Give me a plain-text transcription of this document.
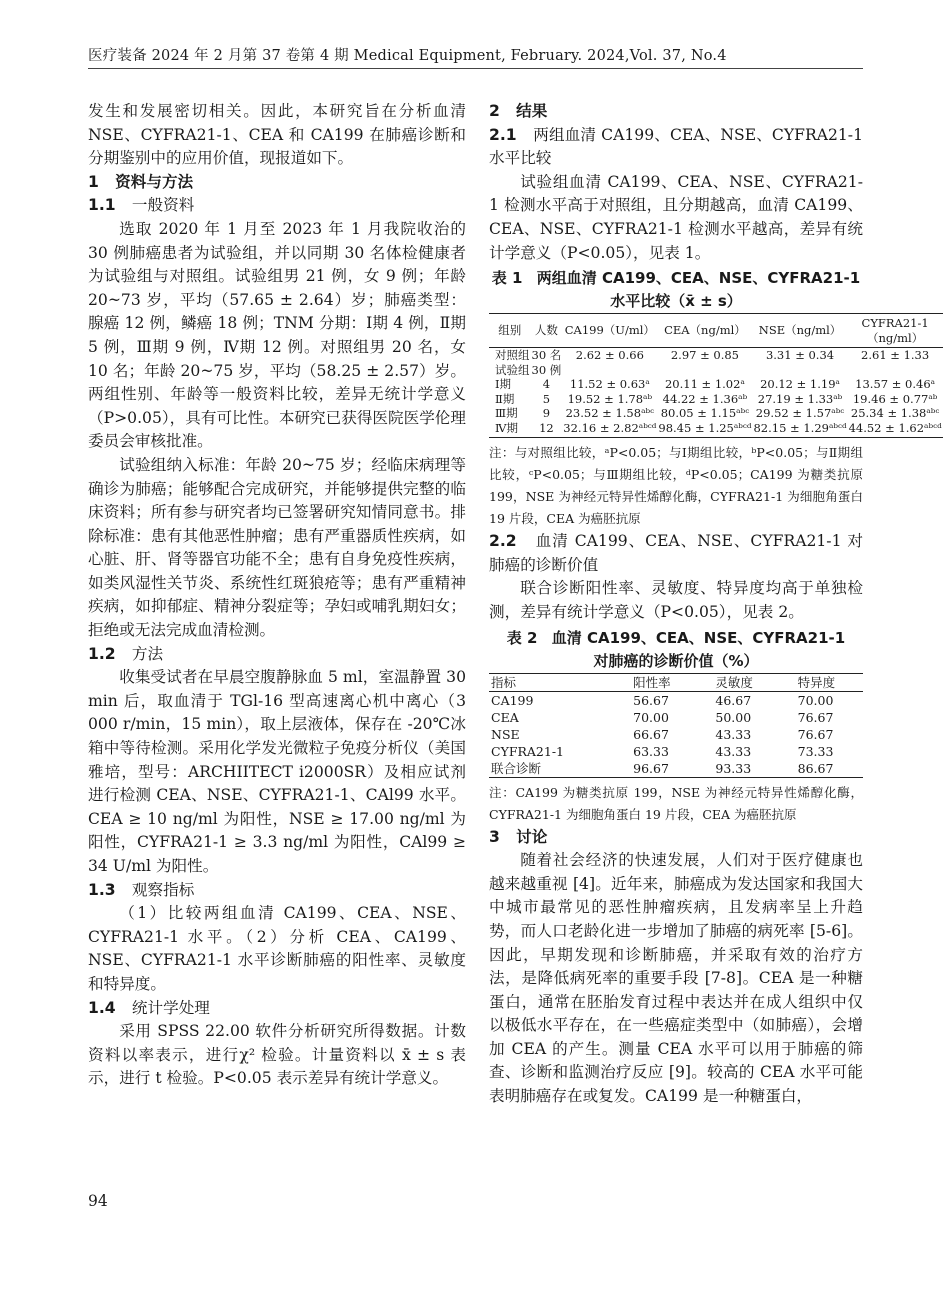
医疗装备 2024 年 2 月第 37 卷第 4 期 Medical Equipment, February. 2024,Vol. 37, No.4

发生和发展密切相关。因此，本研究旨在分析血清 NSE、CYFRA21-1、CEA 和 CA199 在肺癌诊断和分期鉴别中的应用价值，现报道如下。

1 资料与方法
1.1 一般资料

选取 2020 年 1 月至 2023 年 1 月我院收治的 30 例肺癌患者为试验组，并以同期 30 名体检健康者为试验组与对照组。试验组男 21 例，女 9 例；年龄 20~73 岁，平均（57.65 ± 2.64）岁；肺癌类型：腺癌 12 例，鳞癌 18 例；TNM 分期：Ⅰ期 4 例，Ⅱ期 5 例，Ⅲ期 9 例，Ⅳ期 12 例。对照组男 20 名，女 10 名；年龄 20~75 岁，平均（58.25 ± 2.57）岁。两组性别、年龄等一般资料比较，差异无统计学意义（P>0.05），具有可比性。本研究已获得医院医学伦理委员会审核批准。

试验组纳入标准：年龄 20~75 岁；经临床病理等确诊为肺癌；能够配合完成研究，并能够提供完整的临床资料；所有参与研究者均已签署研究知情同意书。排除标准：患有其他恶性肿瘤；患有严重器质性疾病，如心脏、肝、肾等器官功能不全；患有自身免疫性疾病，如类风湿性关节炎、系统性红斑狼疮等；患有严重精神疾病，如抑郁症、精神分裂症等；孕妇或哺乳期妇女；拒绝或无法完成血清检测。

1.2 方法

收集受试者在早晨空腹静脉血 5 ml，室温静置 30 min 后，取血清于 TGl-16 型高速离心机中离心（3 000 r/min，15 min），取上层液体，保存在 -20℃冰箱中等待检测。采用化学发光微粒子免疫分析仪（美国雅培，型号：ARCHIITECT i2000SR）及相应试剂进行检测 CEA、NSE、CYFRA21-1、CAl99 水平。CEA ≥ 10 ng/ml 为阳性，NSE ≥ 17.00 ng/ml 为阳性，CYFRA21-1 ≥ 3.3 ng/ml 为阳性，CAl99 ≥ 34 U/ml 为阳性。

1.3 观察指标

（1）比较两组血清 CA199、CEA、NSE、CYFRA21-1 水平。（2）分析 CEA、CA199、NSE、CYFRA21-1 水平诊断肺癌的阳性率、灵敏度和特异度。

1.4 统计学处理

采用 SPSS 22.00 软件分析研究所得数据。计数资料以率表示，进行χ² 检验。计量资料以 x̄ ± s 表示，进行 t 检验。P<0.05 表示差异有统计学意义。

2 结果
2.1 两组血清 CA199、CEA、NSE、CYFRA21-1 水平比较

试验组血清 CA199、CEA、NSE、CYFRA21-1 检测水平高于对照组，且分期越高，血清 CA199、CEA、NSE、CYFRA21-1 检测水平越高，差异有统计学意义（P<0.05），见表 1。

表 1 两组血清 CA199、CEA、NSE、CYFRA21-1
水平比较（x̄ ± s）
组别	人数	CA199（U/ml）	CEA（ng/ml）	NSE（ng/ml）	CYFRA21-1（ng/ml）
对照组	30 名	2.62 ± 0.66	2.97 ± 0.85	3.31 ± 0.34	2.61 ± 1.33
试验组	30 例				
Ⅰ期	4	11.52 ± 0.63ᵃ	20.11 ± 1.02ᵃ	20.12 ± 1.19ᵃ	13.57 ± 0.46ᵃ
Ⅱ期	5	19.52 ± 1.78ᵃᵇ	44.22 ± 1.36ᵃᵇ	27.19 ± 1.33ᵃᵇ	19.46 ± 0.77ᵃᵇ
Ⅲ期	9	23.52 ± 1.58ᵃᵇᶜ	80.05 ± 1.15ᵃᵇᶜ	29.52 ± 1.57ᵃᵇᶜ	25.34 ± 1.38ᵃᵇᶜ
Ⅳ期	12	32.16 ± 2.82ᵃᵇᶜᵈ	98.45 ± 1.25ᵃᵇᶜᵈ	82.15 ± 1.29ᵃᵇᶜᵈ	44.52 ± 1.62ᵃᵇᶜᵈ

注：与对照组比较，ᵃP<0.05；与Ⅰ期组比较，ᵇP<0.05；与Ⅱ期组比较，ᶜP<0.05；与Ⅲ期组比较，ᵈP<0.05；CA199 为糖类抗原 199，NSE 为神经元特异性烯醇化酶，CYFRA21-1 为细胞角蛋白 19 片段，CEA 为癌胚抗原

2.2 血清 CA199、CEA、NSE、CYFRA21-1 对肺癌的诊断价值

联合诊断阳性率、灵敏度、特异度均高于单独检测，差异有统计学意义（P<0.05），见表 2。

表 2 血清 CA199、CEA、NSE、CYFRA21-1
对肺癌的诊断价值（%）
指标	阳性率	灵敏度	特异度
CA199	56.67	46.67	70.00
CEA	70.00	50.00	76.67
NSE	66.67	43.33	76.67
CYFRA21-1	63.33	43.33	73.33
联合诊断	96.67	93.33	86.67

注：CA199 为糖类抗原 199，NSE 为神经元特异性烯醇化酶，CYFRA21-1 为细胞角蛋白 19 片段，CEA 为癌胚抗原

3 讨论

随着社会经济的快速发展，人们对于医疗健康也越来越重视 [4]。近年来，肺癌成为发达国家和我国大中城市最常见的恶性肿瘤疾病，且发病率呈上升趋势，而人口老龄化进一步增加了肺癌的病死率 [5-6]。因此，早期发现和诊断肺癌，并采取有效的治疗方法，是降低病死率的重要手段 [7-8]。CEA 是一种糖蛋白，通常在胚胎发育过程中表达并在成人组织中仅以极低水平存在，在一些癌症类型中（如肺癌），会增加 CEA 的产生。测量 CEA 水平可以用于肺癌的筛查、诊断和监测治疗反应 [9]。较高的 CEA 水平可能表明肺癌存在或复发。CA199 是一种糖蛋白，

94
